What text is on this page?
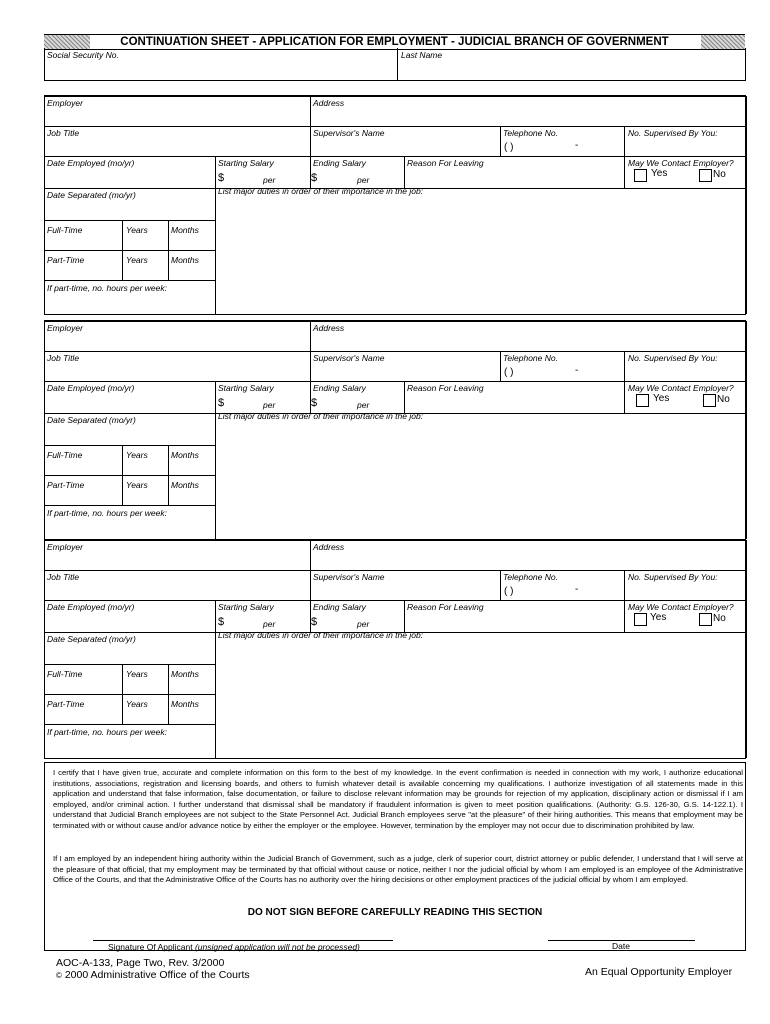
CONTINUATION SHEET - APPLICATION FOR EMPLOYMENT - JUDICIAL BRANCH OF GOVERNMENT
Social Security No.	Last Name
Employer	Address
Job Title	Supervisor's Name	Telephone No.	No. Supervised By You:
( )	-
Date Employed (mo/yr)	Starting Salary	Ending Salary	Reason For Leaving	May We Contact Employer?
$	per	$	per
Yes	No
Date Separated (mo/yr)	List major duties in order of their importance in the job:
Full-Time	Years	Months
Part-Time	Years	Months
If part-time, no. hours per week:
Employer	Address
Job Title	Supervisor's Name	Telephone No.	No. Supervised By You:
( )	-
Date Employed (mo/yr)	Starting Salary	Ending Salary	Reason For Leaving	May We Contact Employer?
$	per	$	per
Yes	No
Date Separated (mo/yr)	List major duties in order of their importance in the job:
Full-Time	Years	Months
Part-Time	Years	Months
If part-time, no. hours per week:
Employer	Address
Job Title	Supervisor's Name	Telephone No.	No. Supervised By You:
( )	-
Date Employed (mo/yr)	Starting Salary	Ending Salary	Reason For Leaving	May We Contact Employer?
$	per	$	per
Yes	No
Date Separated (mo/yr)	List major duties in order of their importance in the job:
Full-Time	Years	Months
Part-Time	Years	Months
If part-time, no. hours per week:
I certify that I have given true, accurate and complete information on this form to the best of my knowledge. In the event confirmation is needed in connection with my work, I authorize educational institutions, associations, registration and licensing boards, and others to furnish whatever detail is available concerning my qualifications. I authorize investigation of all statements made in this application and understand that false information, false documentation, or failure to disclose relevant information may be grounds for rejection of my application, disciplinary action or dismissal if I am employed, and/or criminal action. I further understand that dismissal shall be mandatory if fraudulent information is given to meet position qualifications. (Authority: G.S. 126-30, G.S. 14-122.1). I understand that Judicial Branch employees are not subject to the State Personnel Act. Judicial Branch employees serve "at the pleasure" of their hiring authorities. This means that employment may be terminated with or without cause and/or advance notice by either the employer or the employee. However, termination by the employer may not occur due to discrimination prohibited by law.
If I am employed by an independent hiring authority within the Judicial Branch of Government, such as a judge, clerk of superior court, district attorney or public defender, I understand that I will serve at the pleasure of that official, that my employment may be terminated by that official without cause or notice, neither I nor the judicial official by whom I am employed is an employee of the Administrative Office of the Courts, and that the Administrative Office of the Courts has no authority over the hiring decisions or other employment practices of the judicial official by whom I am employed.
DO NOT SIGN BEFORE CAREFULLY READING THIS SECTION
Signature Of Applicant (unsigned application will not be processed)	Date
AOC-A-133, Page Two, Rev. 3/2000
© 2000 Administrative Office of the Courts	An Equal Opportunity Employer
